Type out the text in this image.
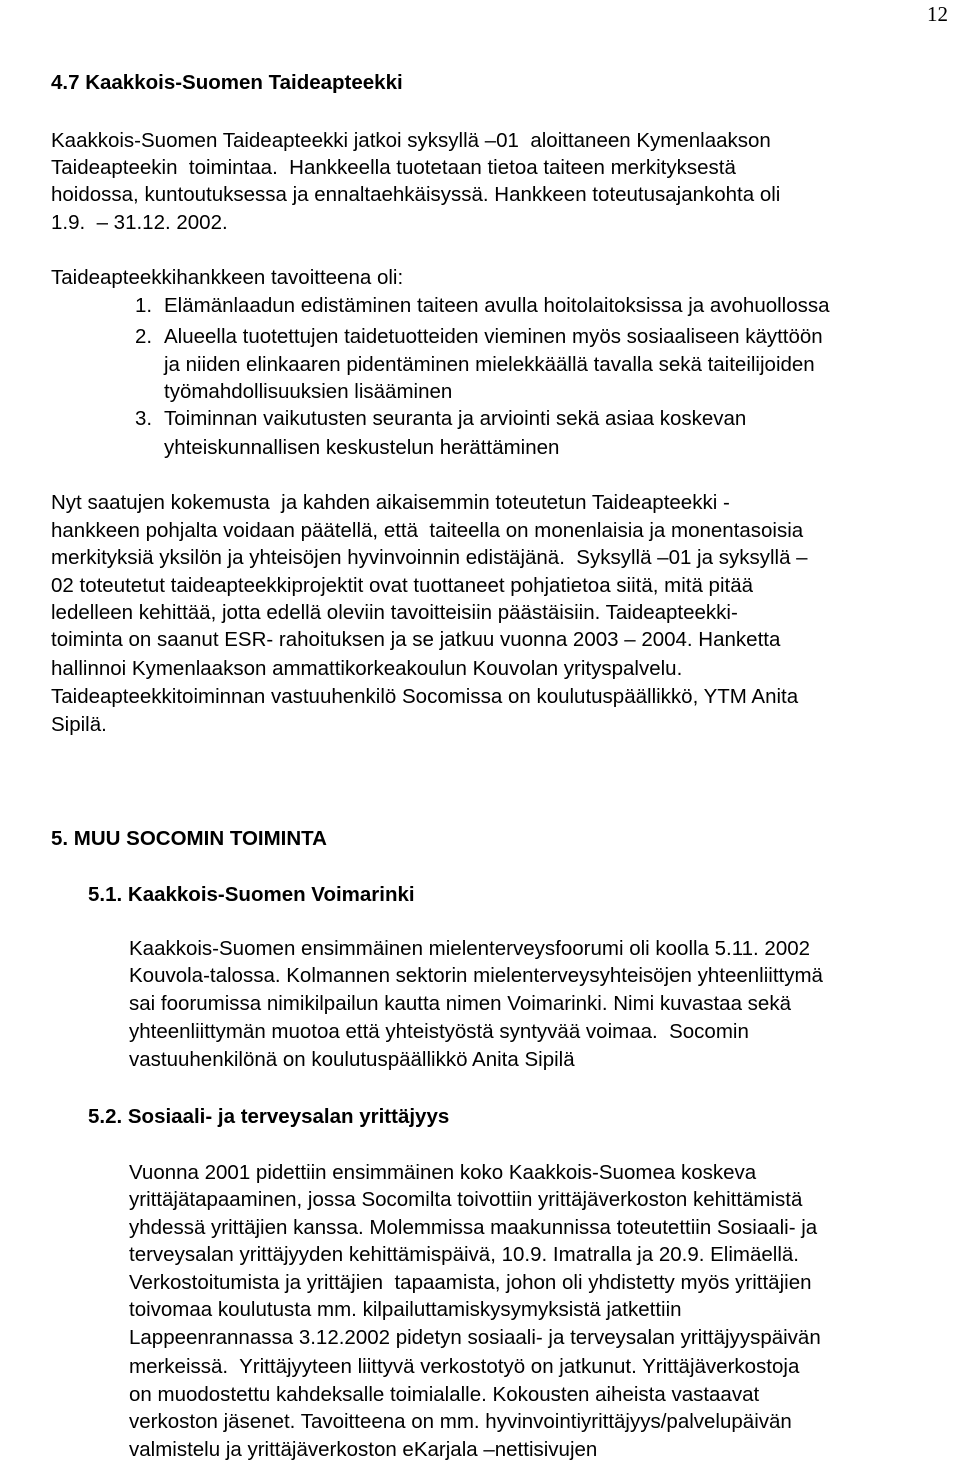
12
4.7 Kaakkois-Suomen Taideapteekki
Kaakkois-Suomen Taideapteekki jatkoi syksyllä –01  aloittaneen Kymenlaakson
Taideapteekin  toimintaa.  Hankkeella tuotetaan tietoa taiteen merkityksestä
hoidossa, kuntoutuksessa ja ennaltaehkäisyssä. Hankkeen toteutusajankohta oli
1.9.  – 31.12. 2002.
Taideapteekkihankkeen tavoitteena oli:
1. Elämänlaadun edistäminen taiteen avulla hoitolaitoksissa ja avohuollossa
2. Alueella tuotettujen taidetuotteiden vieminen myös sosiaaliseen käyttöön
ja niiden elinkaaren pidentäminen mielekkäällä tavalla sekä taiteilijoiden
työmahdollisuuksien lisääminen
3. Toiminnan vaikutusten seuranta ja arviointi sekä asiaa koskevan
yhteiskunnallisen keskustelun herättäminen
Nyt saatujen kokemusta  ja kahden aikaisemmin toteutetun Taideapteekki -
hankkeen pohjalta voidaan päätellä, että  taiteella on monenlaisia ja monentasoisia
merkityksiä yksilön ja yhteisöjen hyvinvoinnin edistäjänä.  Syksyllä –01 ja syksyllä –
02 toteutetut taideapteekkiprojektit ovat tuottaneet pohjatietoa siitä, mitä pitää
ledelleen kehittää, jotta edellä oleviin tavoitteisiin päästäisiin. Taideapteekki-
toiminta on saanut ESR- rahoituksen ja se jatkuu vuonna 2003 – 2004. Hanketta
hallinnoi Kymenlaakson ammattikorkeakoulun Kouvolan yrityspalvelu.
Taideapteekkitoiminnan vastuuhenkilö Socomissa on koulutuspäällikkö, YTM Anita
Sipilä.
5. MUU SOCOMIN TOIMINTA
5.1. Kaakkois-Suomen Voimarinki
Kaakkois-Suomen ensimmäinen mielenterveysfoorumi oli koolla 5.11. 2002
Kouvola-talossa. Kolmannen sektorin mielenterveysyhteisöjen yhteenliittymä
sai foorumissa nimikilpailun kautta nimen Voimarinki. Nimi kuvastaa sekä
yhteenliittymän muotoa että yhteistyöstä syntyvää voimaa.  Socomin
vastuuhenkilönä on koulutuspäällikkö Anita Sipilä
5.2. Sosiaali- ja terveysalan yrittäjyys
Vuonna 2001 pidettiin ensimmäinen koko Kaakkois-Suomea koskeva
yrittäjätapaaminen, jossa Socomilta toivottiin yrittäjäverkoston kehittämistä
yhdessä yrittäjien kanssa. Molemmissa maakunnissa toteutettiin Sosiaali- ja
terveysalan yrittäjyyden kehittämispäivä, 10.9. Imatralla ja 20.9. Elimäellä.
Verkostoitumista ja yrittäjien  tapaamista, johon oli yhdistetty myös yrittäjien
toivomaa koulutusta mm. kilpailuttamiskysymyksistä jatkettiin
Lappeenrannassa 3.12.2002 pidetyn sosiaali- ja terveysalan yrittäjyyspäivän
merkeissä.  Yrittäjyyteen liittyvä verkostotyö on jatkunut. Yrittäjäverkostoja
on muodostettu kahdeksalle toimialalle. Kokousten aiheista vastaavat
verkoston jäsenet. Tavoitteena on mm. hyvinvointiyrittäjyys/palvelupäivän
valmistelu ja yrittäjäverkoston eKarjala –nettisivujen
